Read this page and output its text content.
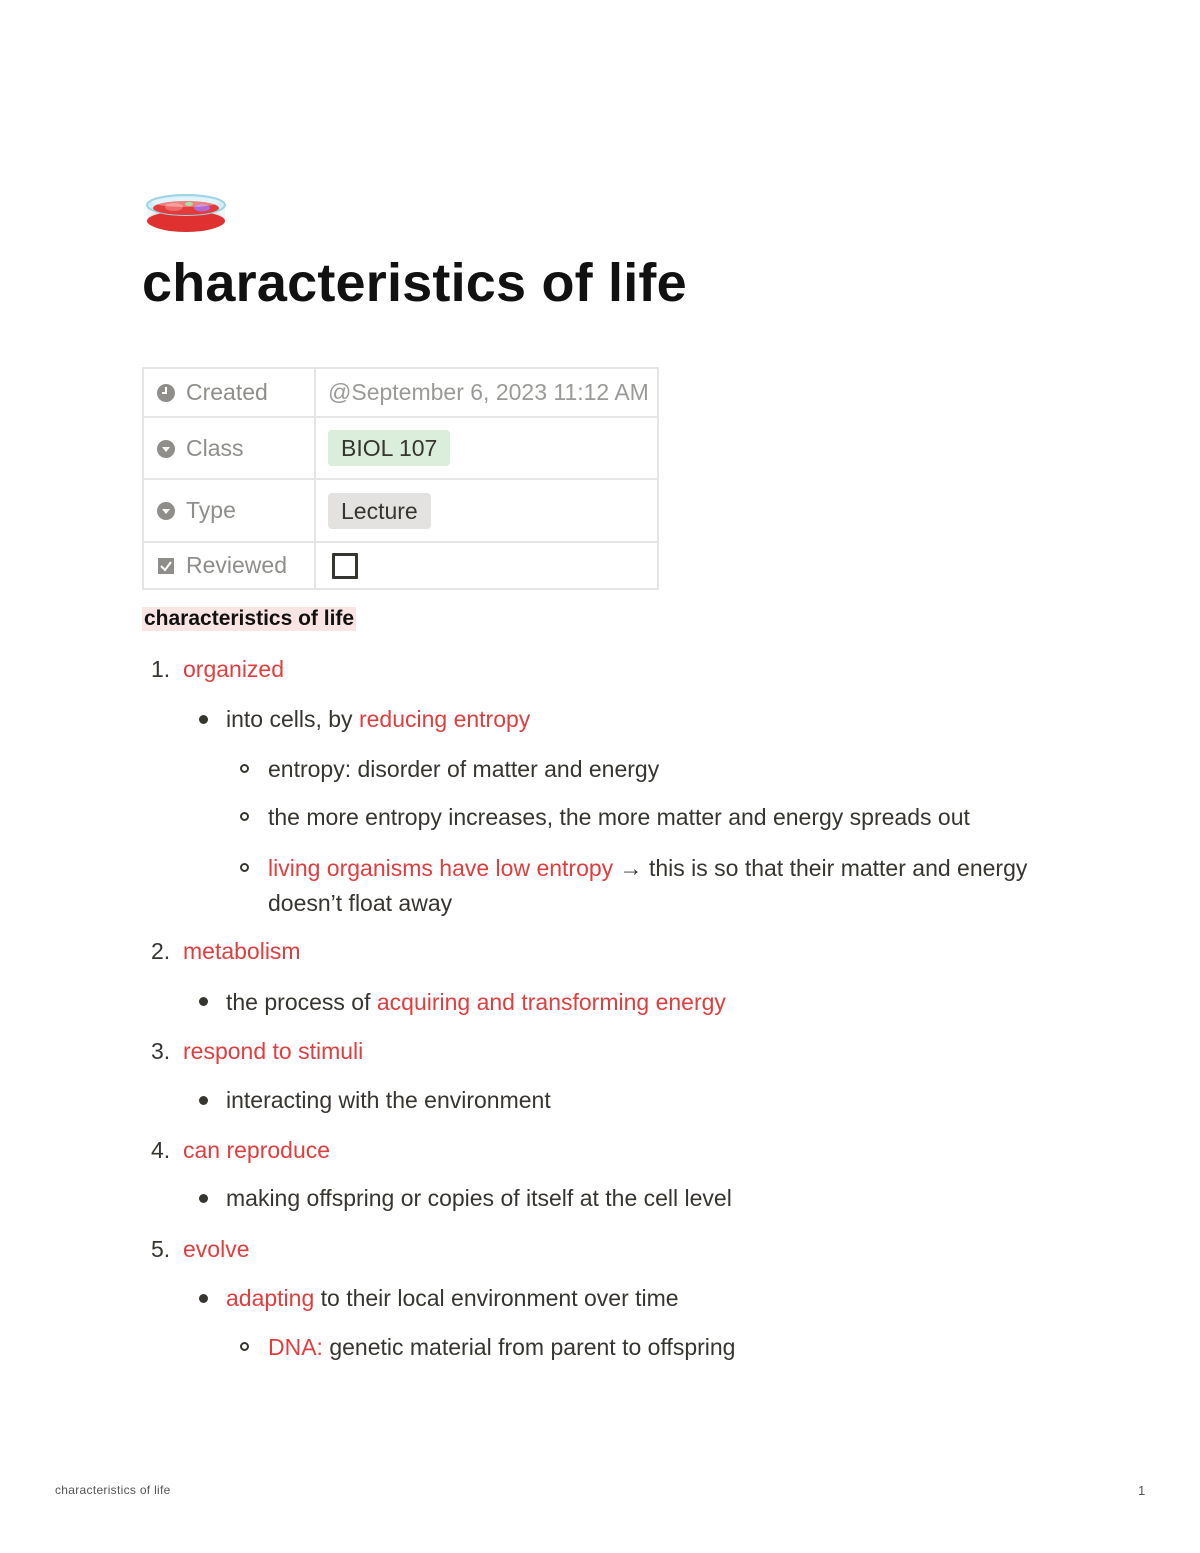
characteristics of life
Created	@September 6, 2023 11:12 AM
Class	BIOL 107
Type	Lecture
Reviewed	
characteristics of life
1. organized
into cells, by reducing entropy
entropy: disorder of matter and energy
the more entropy increases, the more matter and energy spreads out
living organisms have low entropy → this is so that their matter and energy
doesn’t float away
2. metabolism
the process of acquiring and transforming energy
3. respond to stimuli
interacting with the environment
4. can reproduce
making offspring or copies of itself at the cell level
5. evolve
adapting to their local environment over time
DNA: genetic material from parent to offspring
characteristics of life	1
